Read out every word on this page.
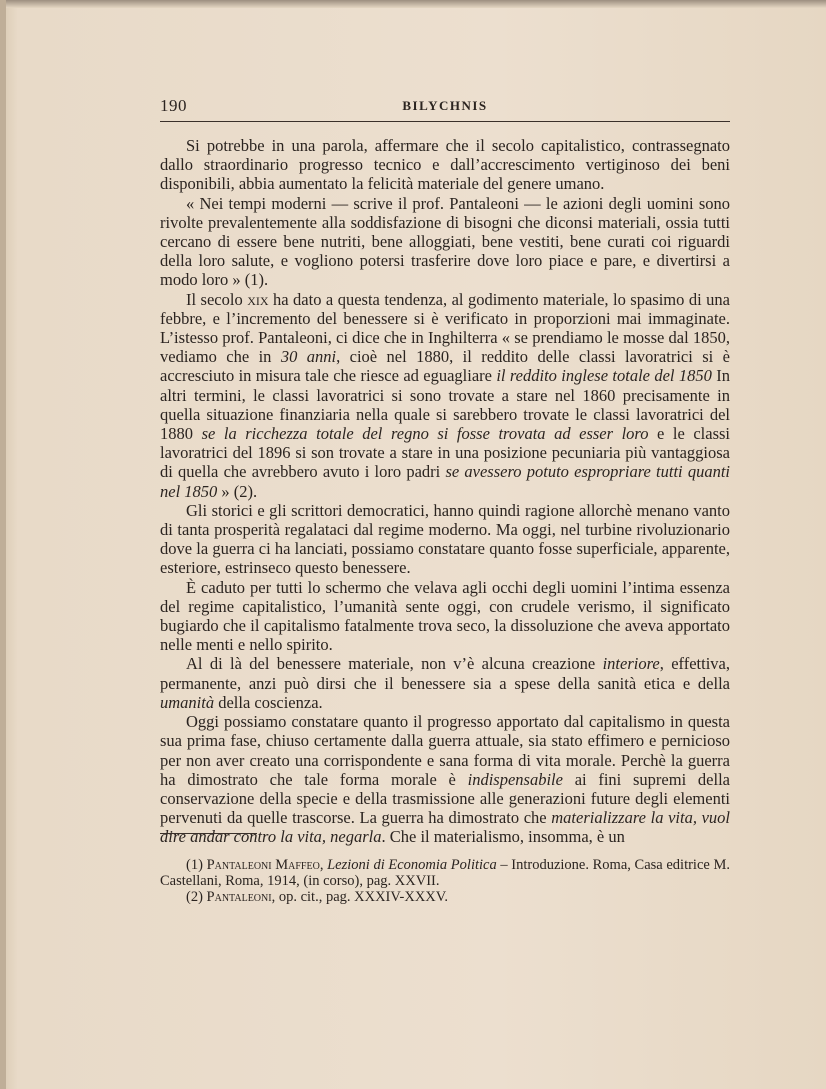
190	BILYCHNIS

Si potrebbe in una parola, affermare che il secolo capitalistico, contrassegnato dallo straordinario progresso tecnico e dall’accrescimento vertiginoso dei beni disponibili, abbia aumentato la felicità materiale del genere umano.

« Nei tempi moderni — scrive il prof. Pantaleoni — le azioni degli uomini sono rivolte prevalentemente alla soddisfazione di bisogni che diconsi materiali, ossia tutti cercano di essere bene nutriti, bene alloggiati, bene vestiti, bene curati coi riguardi della loro salute, e vogliono potersi trasferire dove loro piace e pare, e divertirsi a modo loro » (1).

Il secolo xix ha dato a questa tendenza, al godimento materiale, lo spasimo di una febbre, e l’incremento del benessere si è verificato in proporzioni mai immaginate. L’istesso prof. Pantaleoni, ci dice che in Inghilterra « se prendiamo le mosse dal 1850, vediamo che in 30 anni, cioè nel 1880, il reddito delle classi lavoratrici si è accresciuto in misura tale che riesce ad eguagliare il reddito inglese totale del 1850 In altri termini, le classi lavoratrici si sono trovate a stare nel 1860 precisamente in quella situazione finanziaria nella quale si sarebbero trovate le classi lavoratrici del 1880 se la ricchezza totale del regno si fosse trovata ad esser loro e le classi lavoratrici del 1896 si son trovate a stare in una posizione pecuniaria più vantaggiosa di quella che avrebbero avuto i loro padri se avessero potuto espropriare tutti quanti nel 1850 » (2).

Gli storici e gli scrittori democratici, hanno quindi ragione allorchè menano vanto di tanta prosperità regalataci dal regime moderno. Ma oggi, nel turbine rivoluzionario dove la guerra ci ha lanciati, possiamo constatare quanto fosse superficiale, apparente, esteriore, estrinseco questo benessere.

È caduto per tutti lo schermo che velava agli occhi degli uomini l’intima essenza del regime capitalistico, l’umanità sente oggi, con crudele verismo, il significato bugiardo che il capitalismo fatalmente trova seco, la dissoluzione che aveva apportato nelle menti e nello spirito.

Al di là del benessere materiale, non v’è alcuna creazione interiore, effettiva, permanente, anzi può dirsi che il benessere sia a spese della sanità etica e della umanità della coscienza.

Oggi possiamo constatare quanto il progresso apportato dal capitalismo in questa sua prima fase, chiuso certamente dalla guerra attuale, sia stato effimero e pernicioso per non aver creato una corrispondente e sana forma di vita morale. Perchè la guerra ha dimostrato che tale forma morale è indispensabile ai fini supremi della conservazione della specie e della trasmissione alle generazioni future degli elementi pervenuti da quelle trascorse. La guerra ha dimostrato che materializzare la vita, vuol dire andar contro la vita, negarla. Che il materialismo, insomma, è un

(1) Pantaleoni Maffeo, Lezioni di Economia Politica – Introduzione. Roma, Casa editrice M. Castellani, Roma, 1914, (in corso), pag. XXVII.

(2) Pantaleoni, op. cit., pag. XXXIV-XXXV.
